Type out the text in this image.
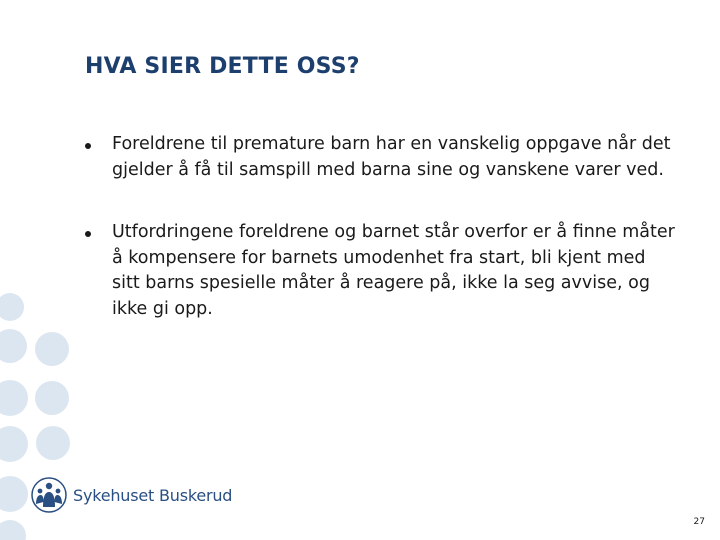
HVA SIER DETTE OSS?
Foreldrene til premature barn har en vanskelig oppgave når det gjelder å få til samspill med barna sine og vanskene varer ved.
Utfordringene foreldrene og barnet står overfor er å finne måter å kompensere for barnets umodenhet fra start, bli kjent med sitt barns spesielle måter å reagere på, ikke la seg avvise, og ikke gi opp.
Sykehuset Buskerud
27
